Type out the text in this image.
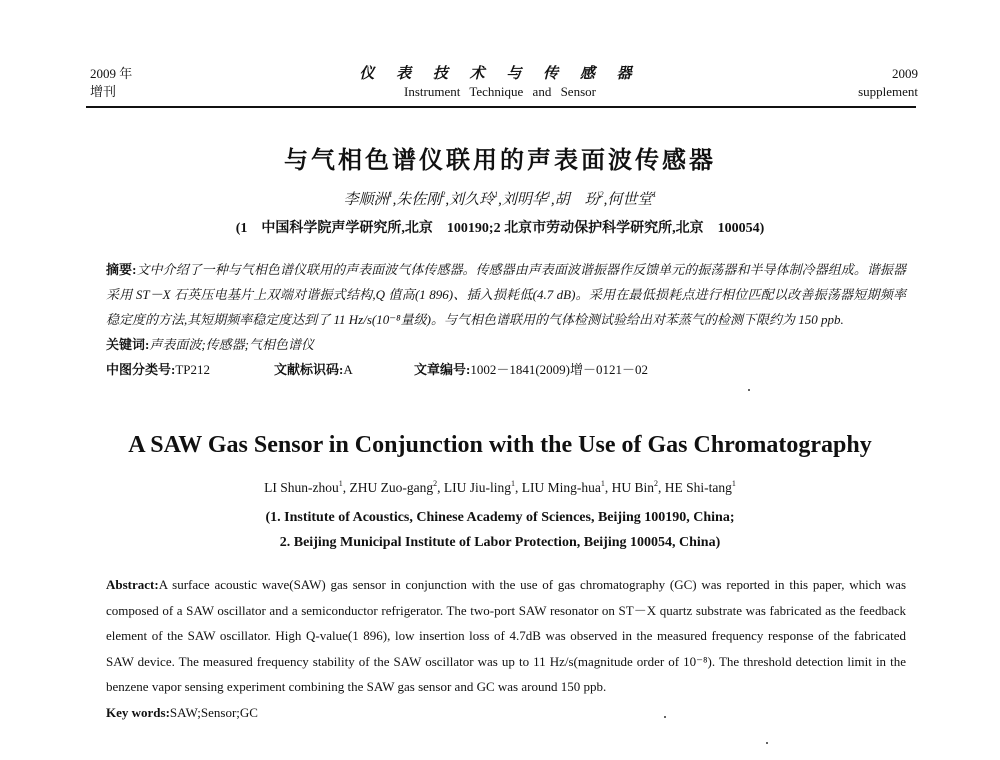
2009 年
增刊
仪 表 技 术 与 传 感 器
Instrument Technique and Sensor
2009
supplement
与气相色谱仪联用的声表面波传感器
李顺洲$^1$,朱佐刚$^2$,刘久玲$^1$,刘明华$^1$,胡　玢$^2$,何世堂$^1$
(1　中国科学院声学研究所,北京　100190;2 北京市劳动保护科学研究所,北京　100054)
摘要:文中介绍了一种与气相色谱仪联用的声表面波气体传感器。传感器由声表面波谐振器作反馈单元的振荡器和半导体制冷器组成。谐振器采用 ST－X 石英压电基片上双端对谐振式结构,Q 值高(1 896)、插入损耗低(4.7 dB)。采用在最低损耗点进行相位匹配以改善振荡器短期频率稳定度的方法,其短期频率稳定度达到了 11 Hz/s(10⁻⁸量级)。与气相色谱联用的气体检测试验给出对苯蒸气的检测下限约为 150 ppb.
关键词:声表面波;传感器;气相色谱仪
中图分类号:TP212	文献标识码:A	文章编号:1002－1841(2009)增－0121－02
A SAW Gas Sensor in Conjunction with the Use of Gas Chromatography
LI Shun-zhou$^1$, ZHU Zuo-gang$^2$, LIU Jiu-ling$^1$, LIU Ming-hua$^1$, HU Bin$^2$, HE Shi-tang$^1$
(1. Institute of Acoustics, Chinese Academy of Sciences, Beijing 100190, China;
2. Beijing Municipal Institute of Labor Protection, Beijing 100054, China)
Abstract:A surface acoustic wave(SAW) gas sensor in conjunction with the use of gas chromatography (GC) was reported in this paper, which was composed of a SAW oscillator and a semiconductor refrigerator. The two-port SAW resonator on ST－X quartz substrate was fabricated as the feedback element of the SAW oscillator. High Q-value(1 896), low insertion loss of 4.7dB was observed in the measured frequency response of the fabricated SAW device. The measured frequency stability of the SAW oscillator was up to 11 Hz/s(magnitude order of 10⁻⁸). The threshold detection limit in the benzene vapor sensing experiment combining the SAW gas sensor and GC was around 150 ppb.
Key words:SAW;Sensor;GC
